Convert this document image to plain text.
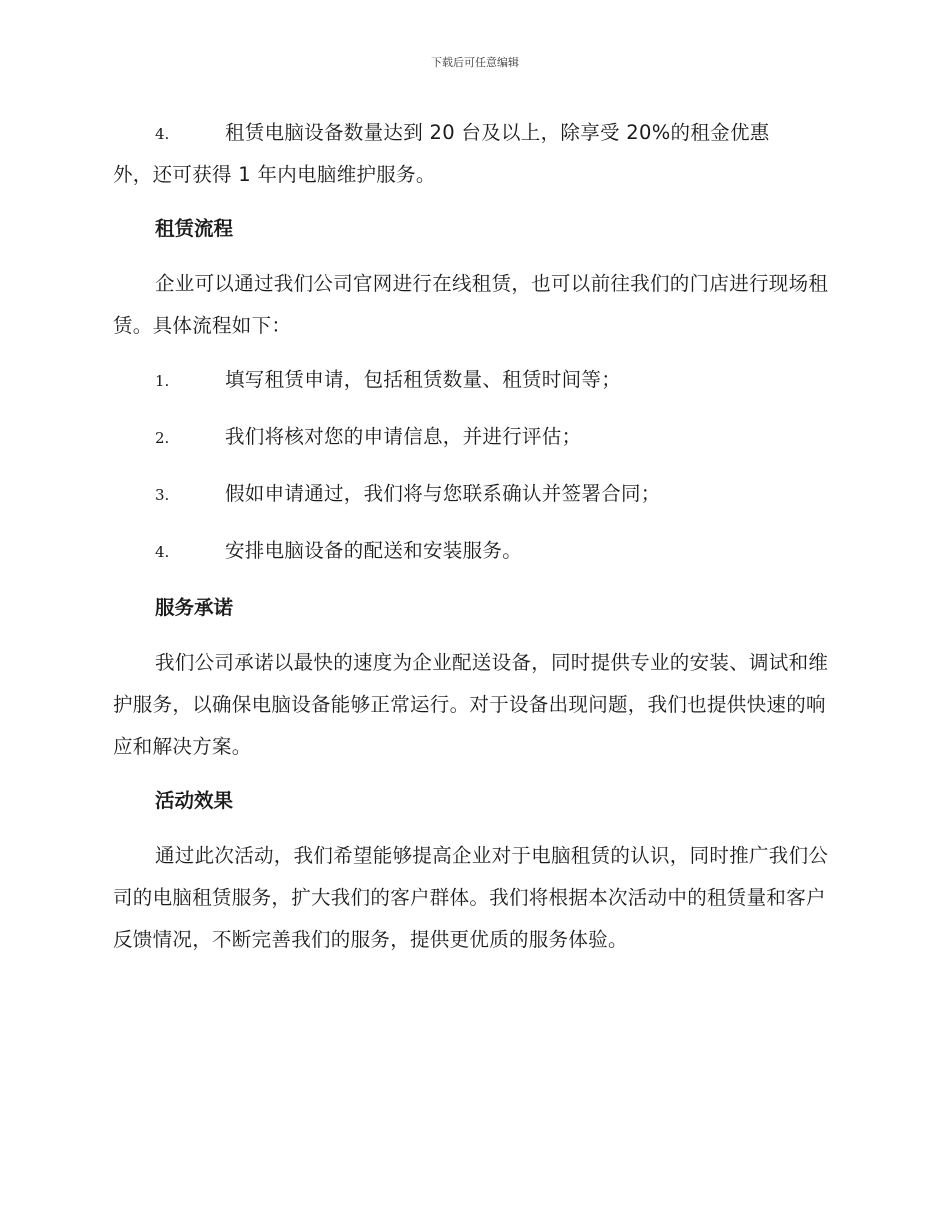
下载后可任意编辑
4.	租赁电脑设备数量达到 20 台及以上，除享受 20%的租金优惠
外，还可获得 1 年内电脑维护服务。
租赁流程

企业可以通过我们公司官网进行在线租赁，也可以前往我们的门店进行现场租赁。具体流程如下：

1.	填写租赁申请，包括租赁数量、租赁时间等；
2.	我们将核对您的申请信息，并进行评估；
3.	假如申请通过，我们将与您联系确认并签署合同；
4.	安排电脑设备的配送和安装服务。
服务承诺

我们公司承诺以最快的速度为企业配送设备，同时提供专业的安装、调试和维护服务，以确保电脑设备能够正常运行。对于设备出现问题，我们也提供快速的响应和解决方案。

活动效果

通过此次活动，我们希望能够提高企业对于电脑租赁的认识，同时推广我们公司的电脑租赁服务，扩大我们的客户群体。我们将根据本次活动中的租赁量和客户反馈情况，不断完善我们的服务，提供更优质的服务体验。
